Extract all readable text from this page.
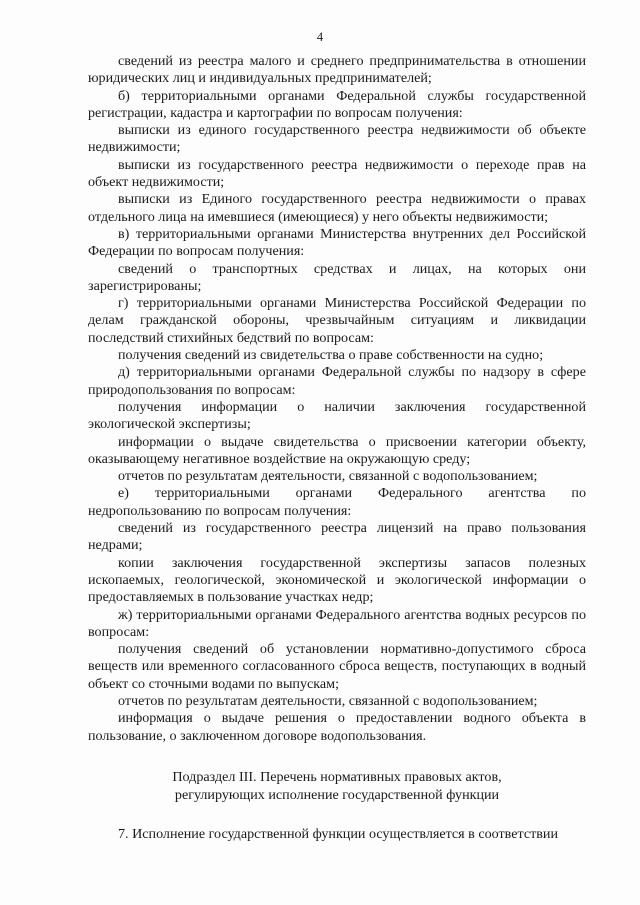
4

сведений из реестра малого и среднего предпринимательства в отношении юридических лиц и индивидуальных предпринимателей;

б) территориальными органами Федеральной службы государственной регистрации, кадастра и картографии по вопросам получения:

выписки из единого государственного реестра недвижимости об объекте недвижимости;

выписки из государственного реестра недвижимости о переходе прав на объект недвижимости;

выписки из Единого государственного реестра недвижимости о правах отдельного лица на имевшиеся (имеющиеся) у него объекты недвижимости;

в) территориальными органами Министерства внутренних дел Российской Федерации по вопросам получения:

сведений о транспортных средствах и лицах, на которых они зарегистрированы;

г) территориальными органами Министерства Российской Федерации по делам гражданской обороны, чрезвычайным ситуациям и ликвидации последствий стихийных бедствий по вопросам:

получения сведений из свидетельства о праве собственности на судно;

д) территориальными органами Федеральной службы по надзору в сфере природопользования по вопросам:

получения информации о наличии заключения государственной экологической экспертизы;

информации о выдаче свидетельства о присвоении категории объекту, оказывающему негативное воздействие на окружающую среду;

отчетов по результатам деятельности, связанной с водопользованием;

е) территориальными органами Федерального агентства по недропользованию по вопросам получения:

сведений из государственного реестра лицензий на право пользования недрами;

копии заключения государственной экспертизы запасов полезных ископаемых, геологической, экономической и экологической информации о предоставляемых в пользование участках недр;

ж) территориальными органами Федерального агентства водных ресурсов по вопросам:

получения сведений об установлении нормативно-допустимого сброса веществ или временного согласованного сброса веществ, поступающих в водный объект со сточными водами по выпускам;

отчетов по результатам деятельности, связанной с водопользованием;

информация о выдаче решения о предоставлении водного объекта в пользование, о заключенном договоре водопользования.

Подраздел III. Перечень нормативных правовых актов,
регулирующих исполнение государственной функции

7. Исполнение государственной функции осуществляется в соответствии
